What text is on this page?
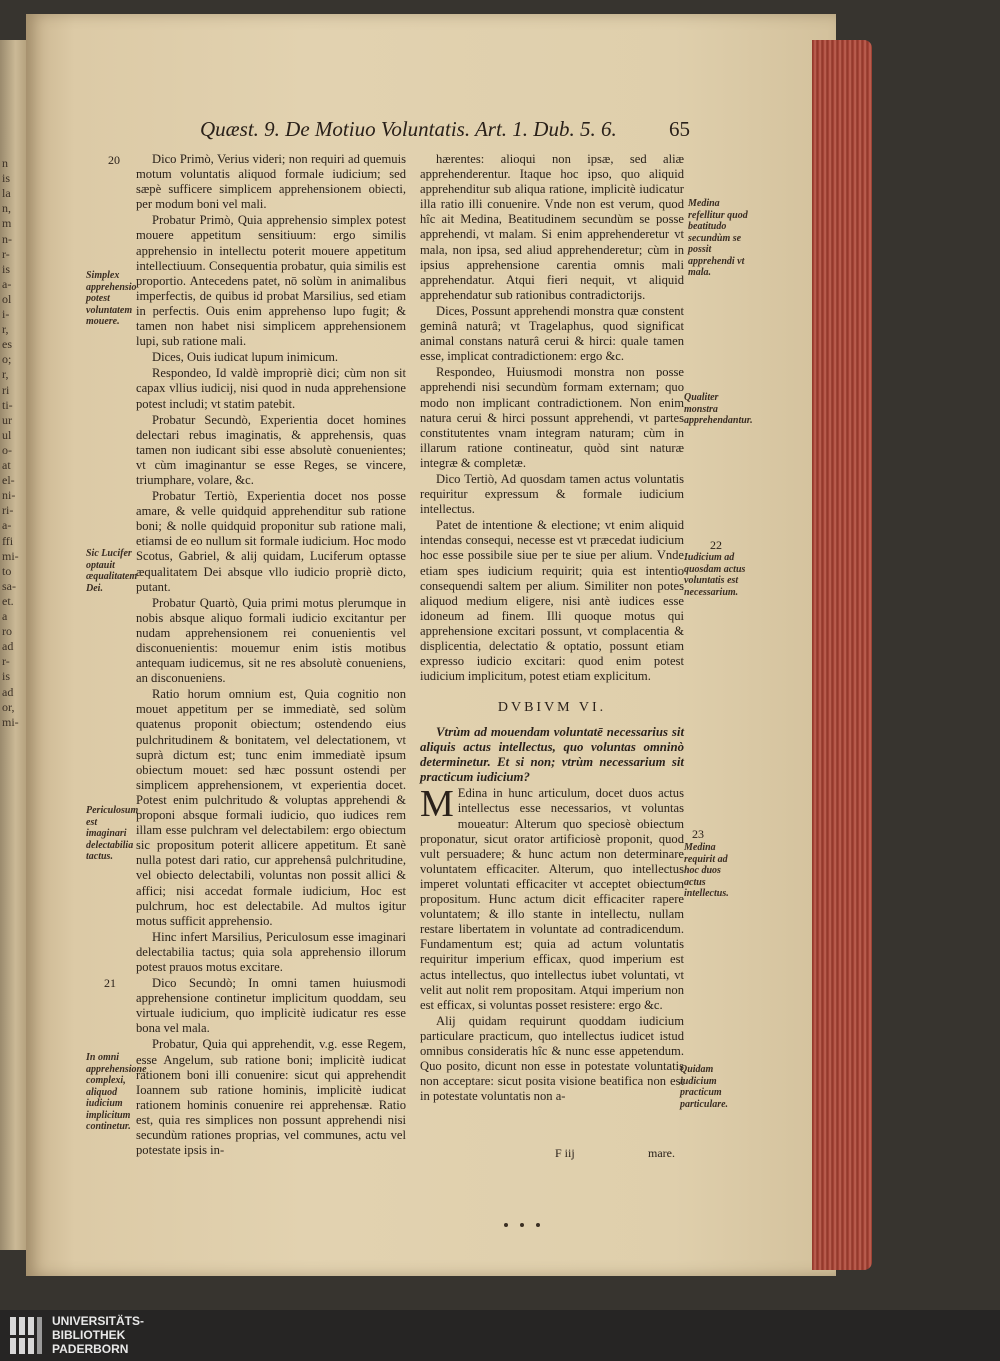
n
is
la
n,
m
n-
r-
is
a-
ol
i-
r,
es
o;
r,
ri
ti-
ur
ul
o-
at
el-
ni-
ri-
a-
ffi
mi-
to
sa-
et.
a
ro
ad
r-
is
ad
or,
mi-
Quæst. 9. De Motiuo Voluntatis. Art. 1. Dub. 5. 6. 65
20
21
22
23
Simplex apprehensio potest voluntatem mouere.
Sic Lucifer optauit æqualitatem Dei.
Periculosum est imaginari delectabilia tactus.
In omni apprehensione complexi, aliquod iudicium implicitum continetur.
Medina refellitur quod beatitudo secundùm se possit apprehendi vt mala.
Qualiter monstra apprehendantur.
Iudicium ad quosdam actus voluntatis est necessarium.
Medina requirit ad hoc duos actus intellectus.
Quidam iudicium practicum particulare.

Dico Primò, Verius videri; non requiri ad quemuis motum voluntatis aliquod formale iudicium; sed sæpè sufficere simplicem apprehensionem obiecti, per modum boni vel mali.

Probatur Primò, Quia apprehensio simplex potest mouere appetitum sensitiuum: ergo similis apprehensio in intellectu poterit mouere appetitum intellectiuum. Consequentia probatur, quia similis est proportio. Antecedens patet, nō solùm in animalibus imperfectis, de quibus id probat Marsilius, sed etiam in perfectis. Ouis enim apprehenso lupo fugit; & tamen non habet nisi simplicem apprehensionem lupi, sub ratione mali.

Dices, Ouis iudicat lupum inimicum.

Respondeo, Id valdè impropriè dici; cùm non sit capax vllius iudicij, nisi quod in nuda apprehensione potest includi; vt statim patebit.

Probatur Secundò, Experientia docet homines delectari rebus imaginatis, & apprehensis, quas tamen non iudicant sibi esse absolutè conuenientes; vt cùm imaginantur se esse Reges, se vincere, triumphare, volare, &c.

Probatur Tertiò, Experientia docet nos posse amare, & velle quidquid apprehenditur sub ratione boni; & nolle quidquid proponitur sub ratione mali, etiamsi de eo nullum sit formale iudicium. Hoc modo Scotus, Gabriel, & alij quidam, Luciferum optasse æqualitatem Dei absque vllo iudicio propriè dicto, putant.

Probatur Quartò, Quia primi motus plerumque in nobis absque aliquo formali iudicio excitantur per nudam apprehensionem rei conuenientis vel disconuenientis: mouemur enim istis motibus antequam iudicemus, sit ne res absolutè conueniens, an disconueniens.

Ratio horum omnium est, Quia cognitio non mouet appetitum per se immediatè, sed solùm quatenus proponit obiectum; ostendendo eius pulchritudinem & bonitatem, vel delectationem, vt suprà dictum est; tunc enim immediatè ipsum obiectum mouet: sed hæc possunt ostendi per simplicem apprehensionem, vt experientia docet. Potest enim pulchritudo & voluptas apprehendi & proponi absque formali iudicio, quo iudices rem illam esse pulchram vel delectabilem: ergo obiectum sic propositum poterit allicere appetitum. Et sanè nulla potest dari ratio, cur apprehensâ pulchritudine, vel obiecto delectabili, voluntas non possit allici & affici; nisi accedat formale iudicium, Hoc est pulchrum, hoc est delectabile. Ad multos igitur motus sufficit apprehensio.

Hinc infert Marsilius, Periculosum esse imaginari delectabilia tactus; quia sola apprehensio illorum potest prauos motus excitare.

Dico Secundò; In omni tamen huiusmodi apprehensione continetur implicitum quoddam, seu virtuale iudicium, quo implicitè iudicatur res esse bona vel mala.

Probatur, Quia qui apprehendit, v.g. esse Regem, esse Angelum, sub ratione boni; implicitè iudicat rationem boni illi conuenire: sicut qui apprehendit Ioannem sub ratione hominis, implicitè iudicat rationem hominis conuenire rei apprehensæ. Ratio est, quia res simplices non possunt apprehendi nisi secundùm rationes proprias, vel communes, actu vel potestate ipsis in-

hærentes: alioqui non ipsæ, sed aliæ apprehenderentur. Itaque hoc ipso, quo aliquid apprehenditur sub aliqua ratione, implicitè iudicatur illa ratio illi conuenire. Vnde non est verum, quod hîc ait Medina, Beatitudinem secundùm se posse apprehendi, vt malam. Si enim apprehenderetur vt mala, non ipsa, sed aliud apprehenderetur; cùm in ipsius apprehensione carentia omnis mali apprehendatur. Atqui fieri nequit, vt aliquid apprehendatur sub rationibus contradictorijs.

Dices, Possunt apprehendi monstra quæ constent geminâ naturâ; vt Tragelaphus, quod significat animal constans naturâ cerui & hirci: quale tamen esse, implicat contradictionem: ergo &c.

Respondeo, Huiusmodi monstra non posse apprehendi nisi secundùm formam externam; quo modo non implicant contradictionem. Non enim natura cerui & hirci possunt apprehendi, vt partes constitutentes vnam integram naturam; cùm in illarum ratione contineatur, quòd sint naturæ integræ & completæ.

Dico Tertiò, Ad quosdam tamen actus voluntatis requiritur expressum & formale iudicium intellectus.

Patet de intentione & electione; vt enim aliquid intendas consequi, necesse est vt præcedat iudicium hoc esse possibile siue per te siue per alium. Vnde etiam spes iudicium requirit; quia est intentio consequendi saltem per alium. Similiter non potes aliquod medium eligere, nisi antè iudices esse idoneum ad finem. Illi quoque motus qui apprehensione excitari possunt, vt complacentia & displicentia, delectatio & optatio, possunt etiam expresso iudicio excitari: quod enim potest iudicium implicitum, potest etiam explicitum.

DVBIVM VI.

Vtrùm ad mouendam voluntatē necessarius sit aliquis actus intellectus, quo voluntas omninò determinetur. Et si non; vtrùm necessarium sit practicum iudicium?

M Edina in hunc articulum, docet duos actus intellectus esse necessarios, vt voluntas moueatur: Alterum quo speciosè obiectum proponatur, sicut orator artificiosè proponit, quod vult persuadere; & hunc actum non determinare voluntatem efficaciter. Alterum, quo intellectus imperet voluntati efficaciter vt acceptet obiectum propositum. Hunc actum dicit efficaciter rapere voluntatem; & illo stante in intellectu, nullam restare libertatem in voluntate ad contradicendum. Fundamentum est; quia ad actum voluntatis requiritur imperium efficax, quod imperium est actus intellectus, quo intellectus iubet voluntati, vt velit aut nolit rem propositam. Atqui imperium non est efficax, si voluntas posset resistere: ergo &c.

Alij quidam requirunt quoddam iudicium particulare practicum, quo intellectus iudicet istud omnibus consideratis hîc & nunc esse appetendum. Quo posito, dicunt non esse in potestate voluntatis non acceptare: sicut posita visione beatifica non est in potestate voluntatis non a-

F iij	mare.
UNIVERSITÄTS-
BIBLIOTHEK
PADERBORN
